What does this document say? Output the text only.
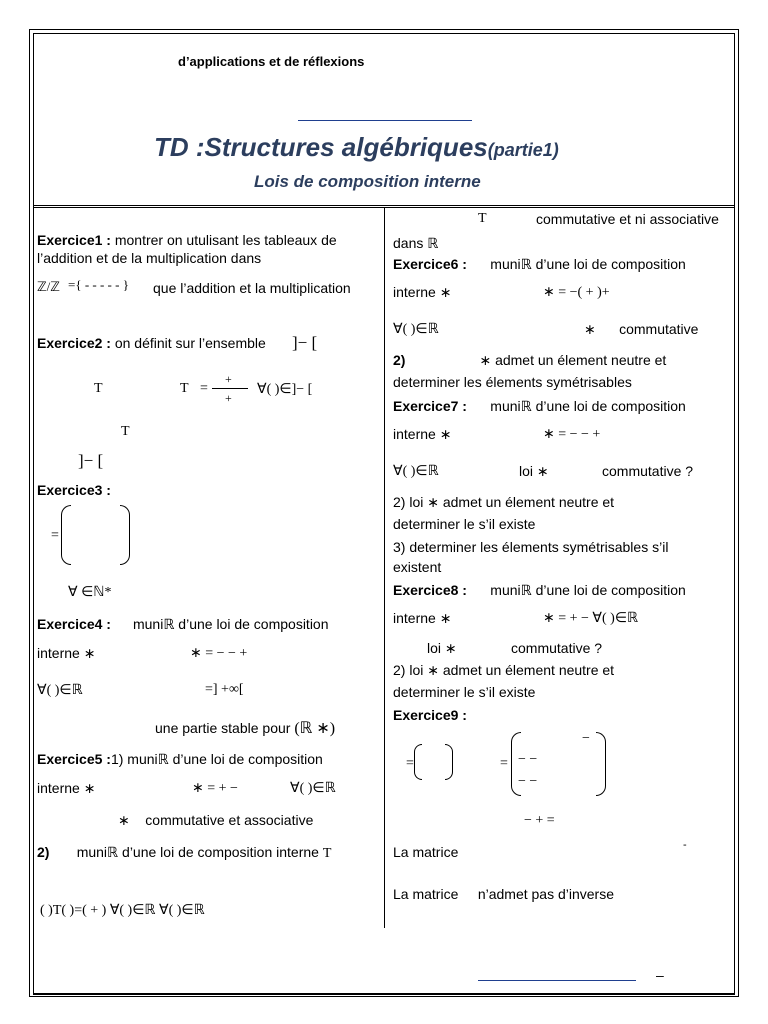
d’applications et de réflexions
TD :Structures algébriques(partie1)
Lois de composition interne
Exercice1 : montrer on utulisant les tableaux de
l’addition et de la multiplication dans
ℤ/ℤ ={ - - - - - } que l’addition et la multiplication
Exercice2 : on définit sur l’ensemble ]− [
T	T =
+
+
∀( )∈]− [
T
]− [
Exercice3 :
=
∀ ∈ℕ*
Exercice4 : muniℝ d’une loi de composition
interne ∗	∗ = − − +
∀( )∈ℝ	=] +∞[
une partie stable pour (ℝ ∗)
Exercice5 :1) muniℝ d’une loi de composition
interne ∗	∗ = + −	∀( )∈ℝ
∗ commutative et associative
2) muniℝ d’une loi de composition interne T
( )T( )=( + ) ∀( )∈ℝ ∀( )∈ℝ
T	commutative et ni associative
dans ℝ
Exercice6 : muniℝ d’une loi de composition
interne ∗	∗ = −( + )+
∀( )∈ℝ	∗ commutative
2)	∗ admet un élement neutre et
determiner les élements symétrisables
Exercice7 : muniℝ d’une loi de composition
interne ∗	∗ = − − +
∀( )∈ℝ	loi ∗	commutative ?
2) loi ∗ admet un élement neutre et
determiner le s’il existe
3) determiner les élements symétrisables s’il
existent
Exercice8 : muniℝ d’une loi de composition
interne ∗	∗ = + − ∀( )∈ℝ
loi ∗	commutative ?
2) loi ∗ admet un élement neutre et
determiner le s’il existe
Exercice9 :
=	=
−
− −
− −
− + =
La matrice	-
La matrice n’admet pas d’inverse
–
